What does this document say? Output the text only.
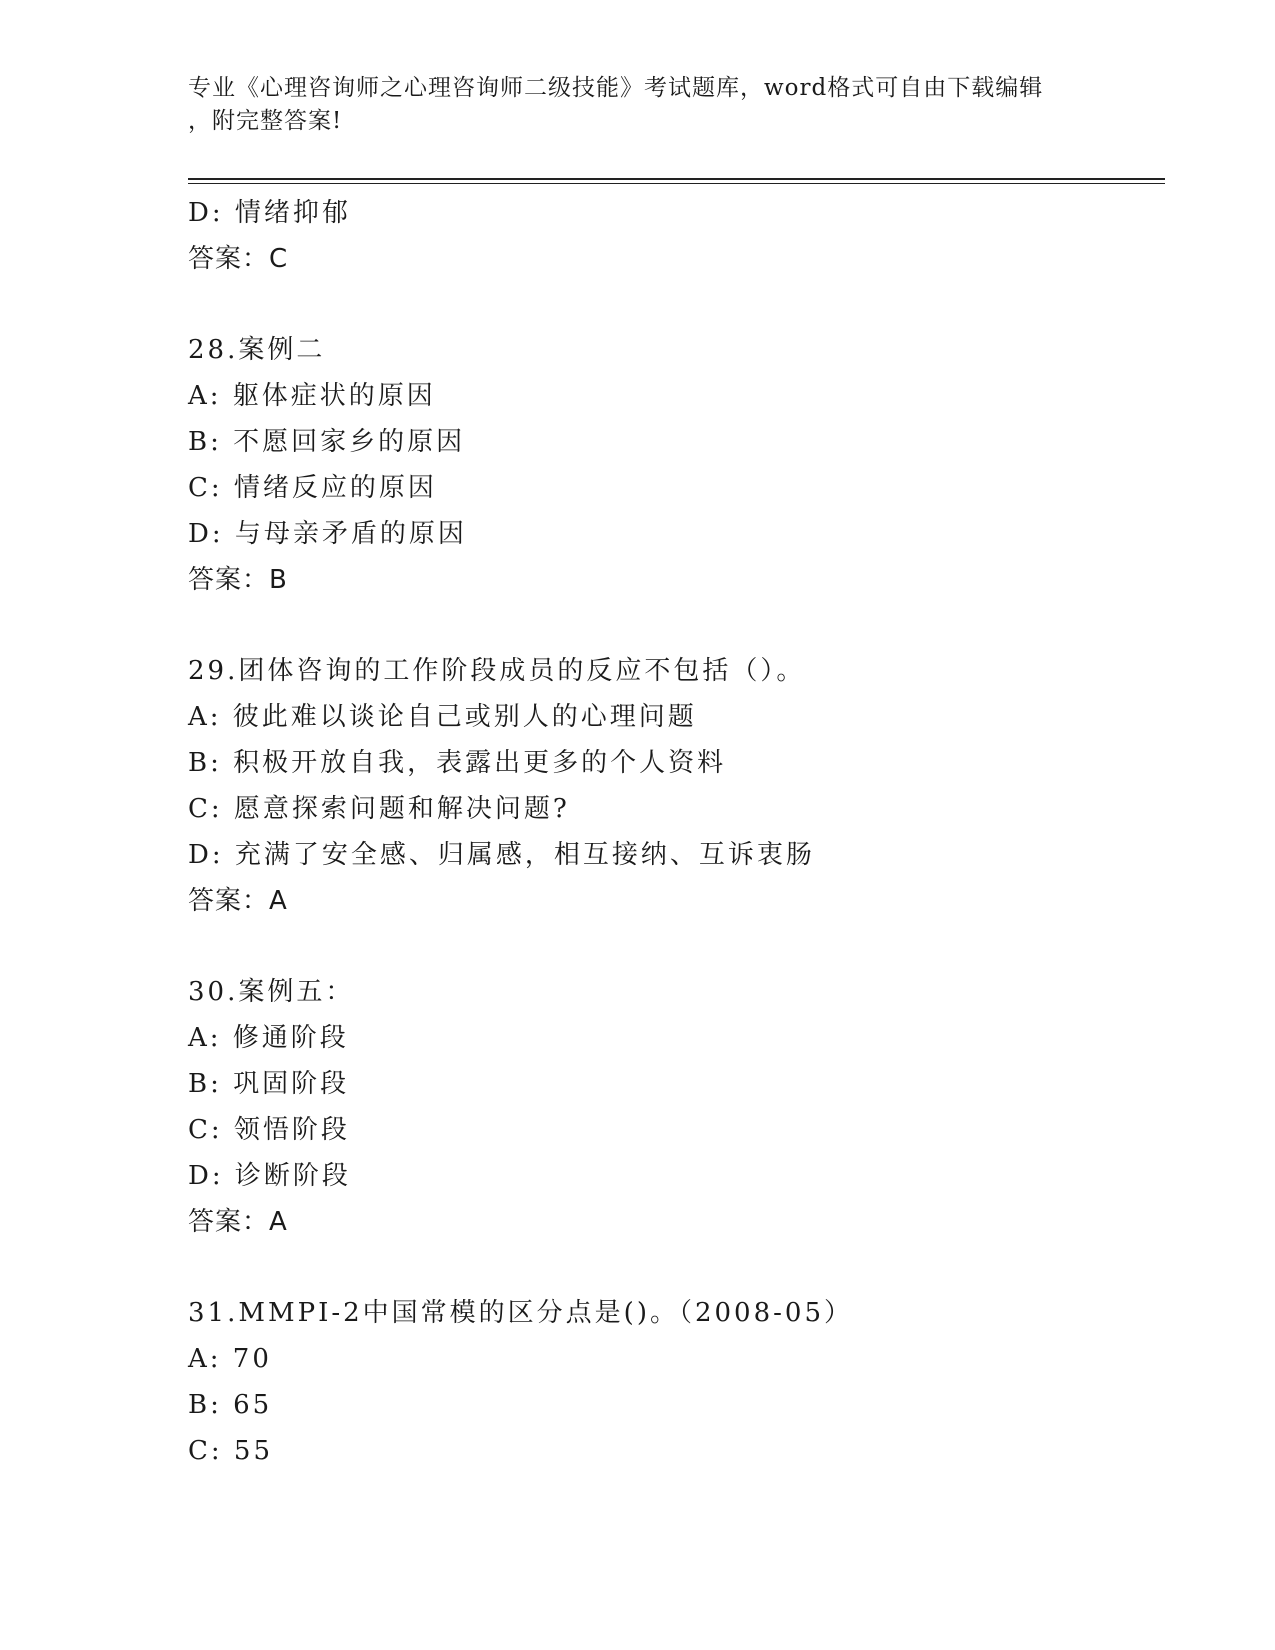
专业《心理咨询师之心理咨询师二级技能》考试题库，word格式可自由下载编辑
，附完整答案!
D: 情绪抑郁
答案：C
28.案例二
A: 躯体症状的原因
B: 不愿回家乡的原因
C: 情绪反应的原因
D: 与母亲矛盾的原因
答案：B
29.团体咨询的工作阶段成员的反应不包括（）。
A: 彼此难以谈论自己或别人的心理问题
B: 积极开放自我，表露出更多的个人资料
C: 愿意探索问题和解决问题?
D: 充满了安全感、归属感，相互接纳、互诉衷肠
答案：A
30.案例五：
A: 修通阶段
B: 巩固阶段
C: 领悟阶段
D: 诊断阶段
答案：A
31.MMPI-2中国常模的区分点是()。（2008-05）
A: 70
B: 65
C: 55
